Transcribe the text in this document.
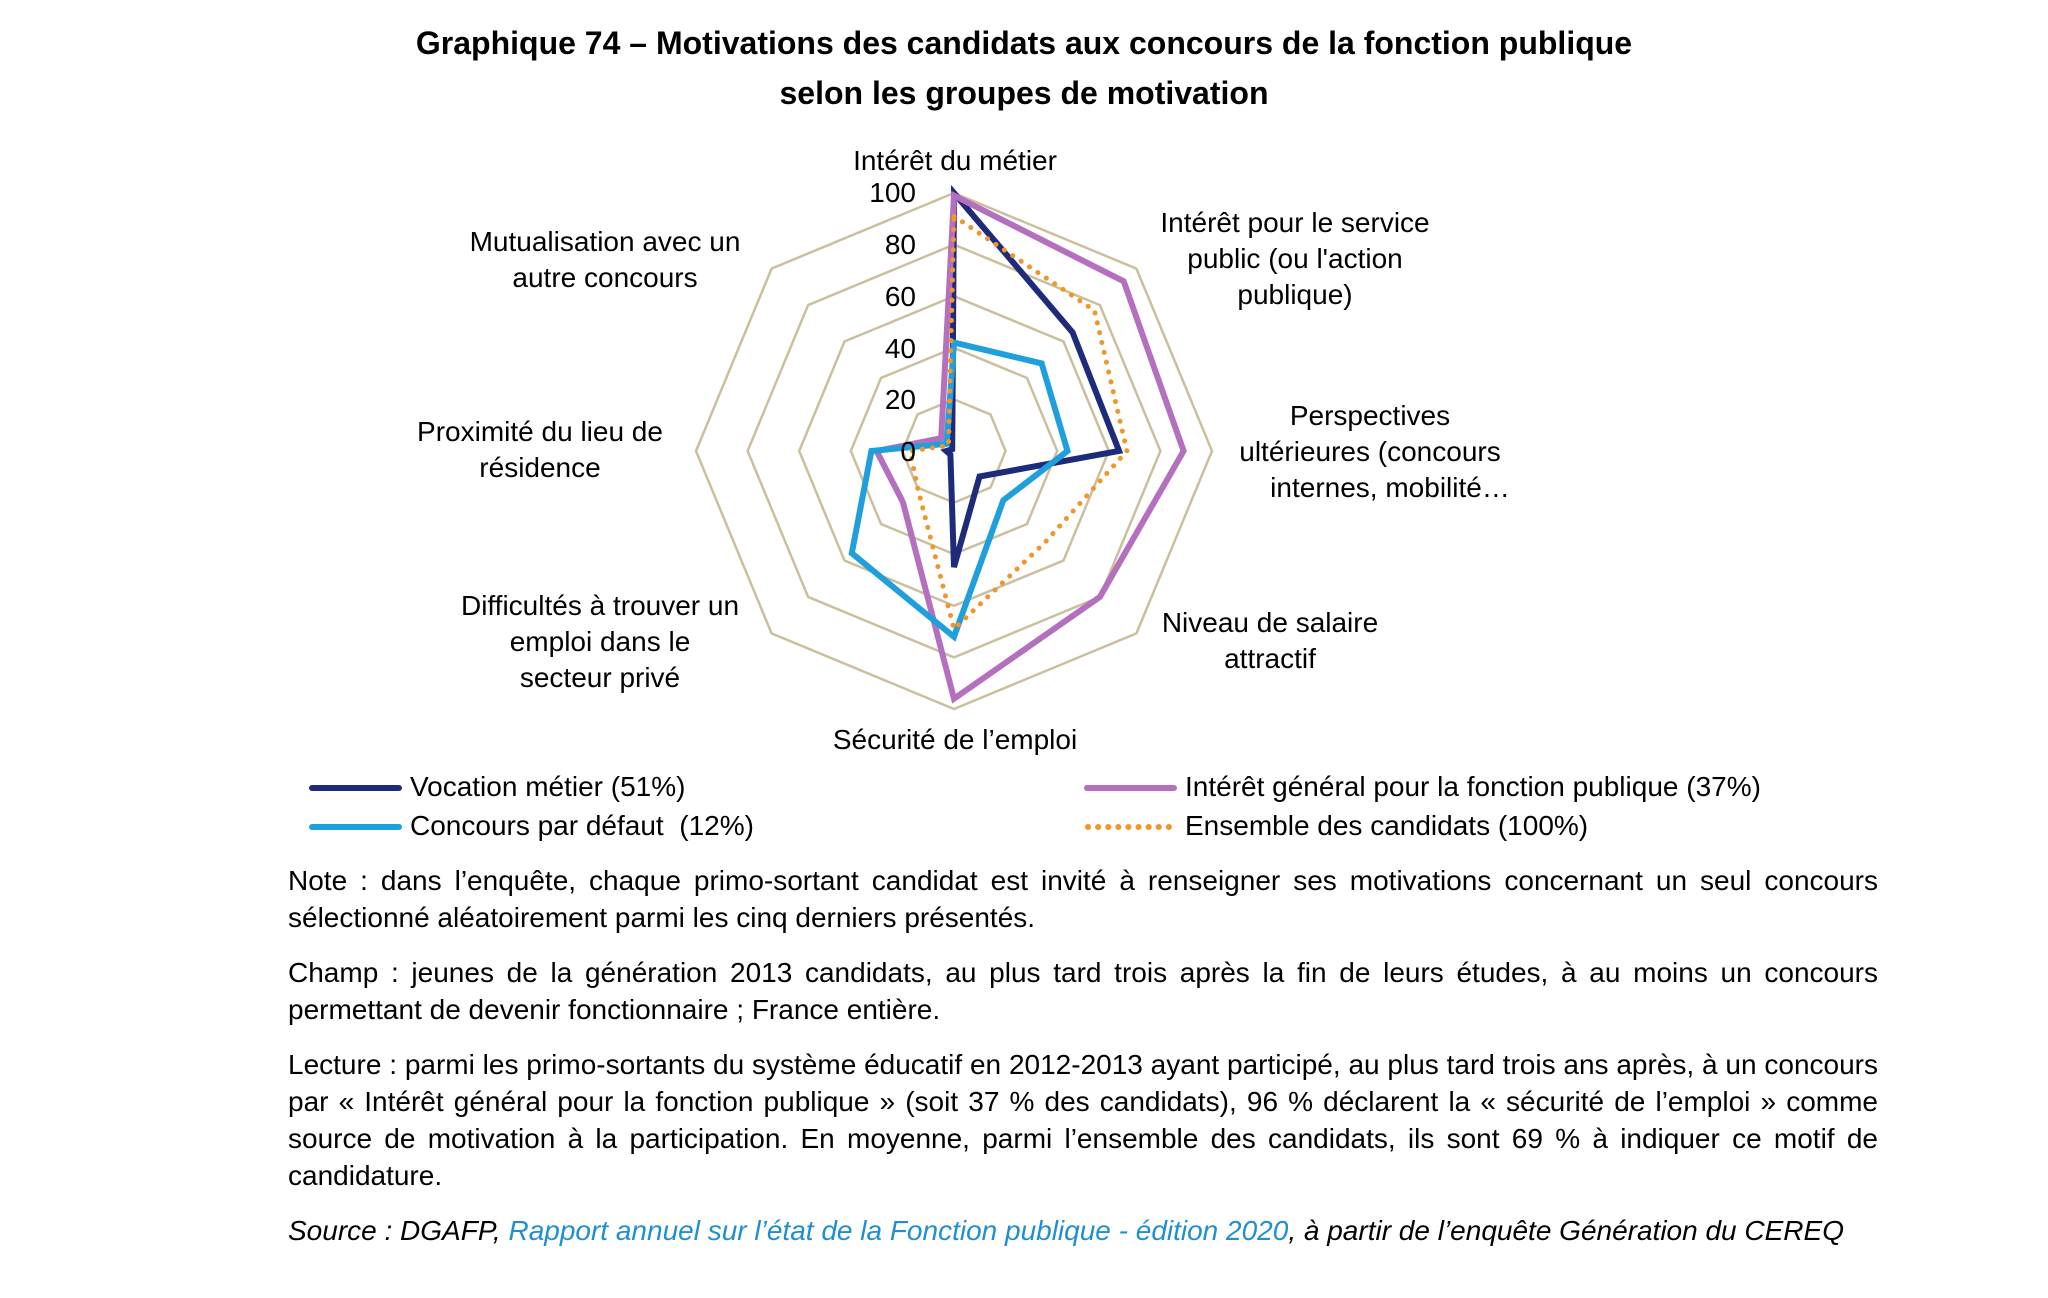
Graphique 74 – Motivations des candidats aux concours de la fonction publique
selon les groupes de motivation
Intérêt du métier
Intérêt pour le service
public (ou l'action
publique)
Perspectives
ultérieures (concours
internes, mobilité…
Niveau de salaire
attractif
Sécurité de l’emploi
Difficultés à trouver un
emploi dans le
secteur privé
Proximité du lieu de
résidence
Mutualisation avec un
autre concours
100
80
60
40
20
0
Vocation métier (51%)	Intérêt général pour la fonction publique (37%)
Concours par défaut  (12%)	Ensemble des candidats (100%)

Note : dans l’enquête, chaque primo-sortant candidat est invité à renseigner ses motivations concernant un seul concours sélectionné aléatoirement parmi les cinq derniers présentés.

Champ : jeunes de la génération 2013 candidats, au plus tard trois après la fin de leurs études, à au moins un concours permettant de devenir fonctionnaire ; France entière.

Lecture : parmi les primo-sortants du système éducatif en 2012-2013 ayant participé, au plus tard trois ans après, à un concours par « Intérêt général pour la fonction publique » (soit 37 % des candidats), 96 % déclarent la « sécurité de l’emploi » comme source de motivation à la participation. En moyenne, parmi l’ensemble des candidats, ils sont 69 % à indiquer ce motif de candidature.

Source : DGAFP, Rapport annuel sur l’état de la Fonction publique - édition 2020, à partir de l’enquête Génération du CEREQ
